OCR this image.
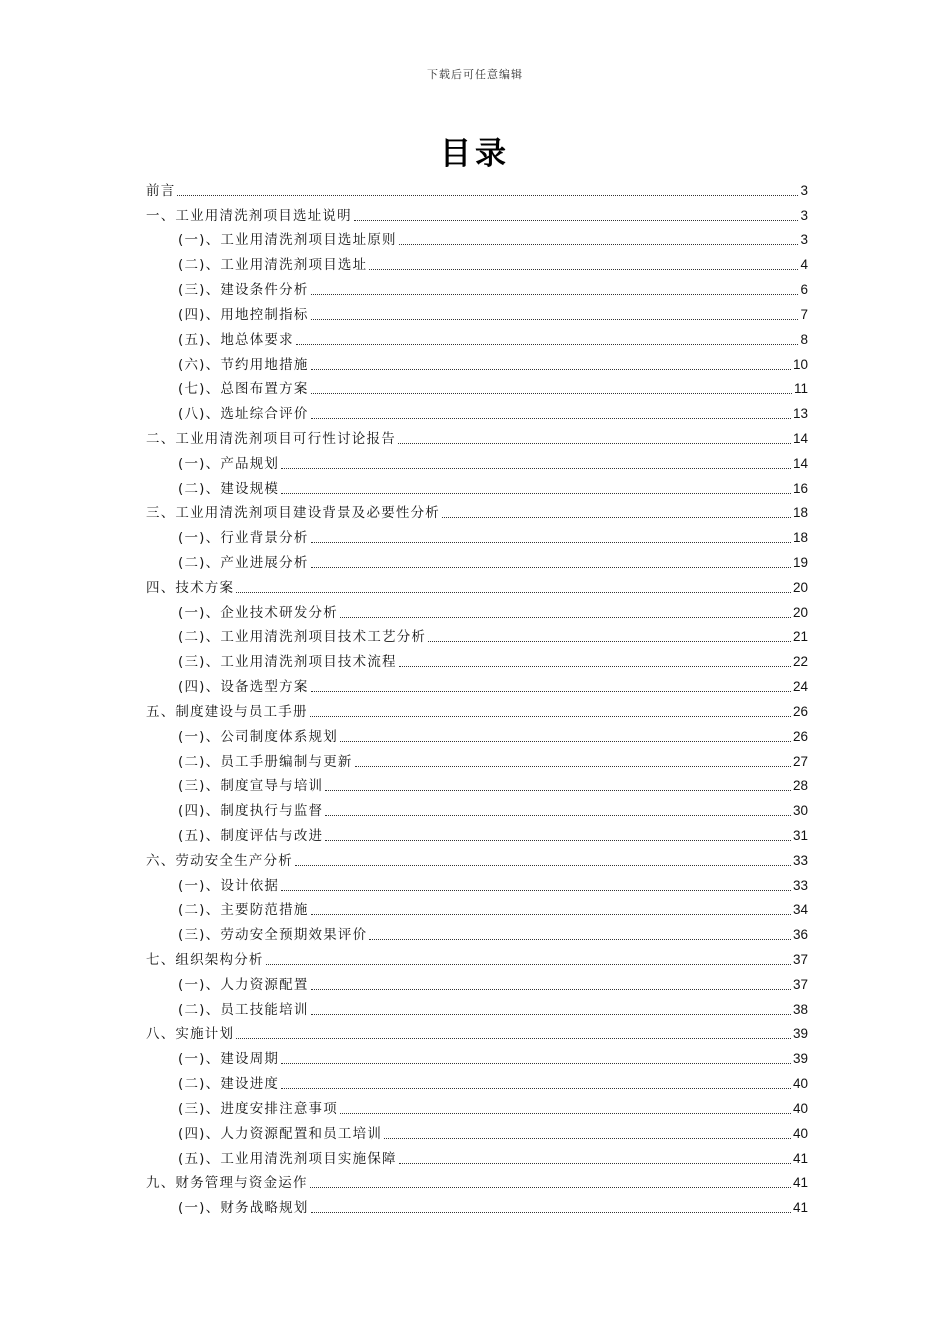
下载后可任意编辑
目录
前言	3
一、工业用清洗剂项目选址说明	3
(一)、工业用清洗剂项目选址原则	3
(二)、工业用清洗剂项目选址	4
(三)、建设条件分析	6
(四)、用地控制指标	7
(五)、地总体要求	8
(六)、节约用地措施	10
(七)、总图布置方案	11
(八)、选址综合评价	13
二、工业用清洗剂项目可行性讨论报告	14
(一)、产品规划	14
(二)、建设规模	16
三、工业用清洗剂项目建设背景及必要性分析	18
(一)、行业背景分析	18
(二)、产业进展分析	19
四、技术方案	20
(一)、企业技术研发分析	20
(二)、工业用清洗剂项目技术工艺分析	21
(三)、工业用清洗剂项目技术流程	22
(四)、设备选型方案	24
五、制度建设与员工手册	26
(一)、公司制度体系规划	26
(二)、员工手册编制与更新	27
(三)、制度宣导与培训	28
(四)、制度执行与监督	30
(五)、制度评估与改进	31
六、劳动安全生产分析	33
(一)、设计依据	33
(二)、主要防范措施	34
(三)、劳动安全预期效果评价	36
七、组织架构分析	37
(一)、人力资源配置	37
(二)、员工技能培训	38
八、实施计划	39
(一)、建设周期	39
(二)、建设进度	40
(三)、进度安排注意事项	40
(四)、人力资源配置和员工培训	40
(五)、工业用清洗剂项目实施保障	41
九、财务管理与资金运作	41
(一)、财务战略规划	41
